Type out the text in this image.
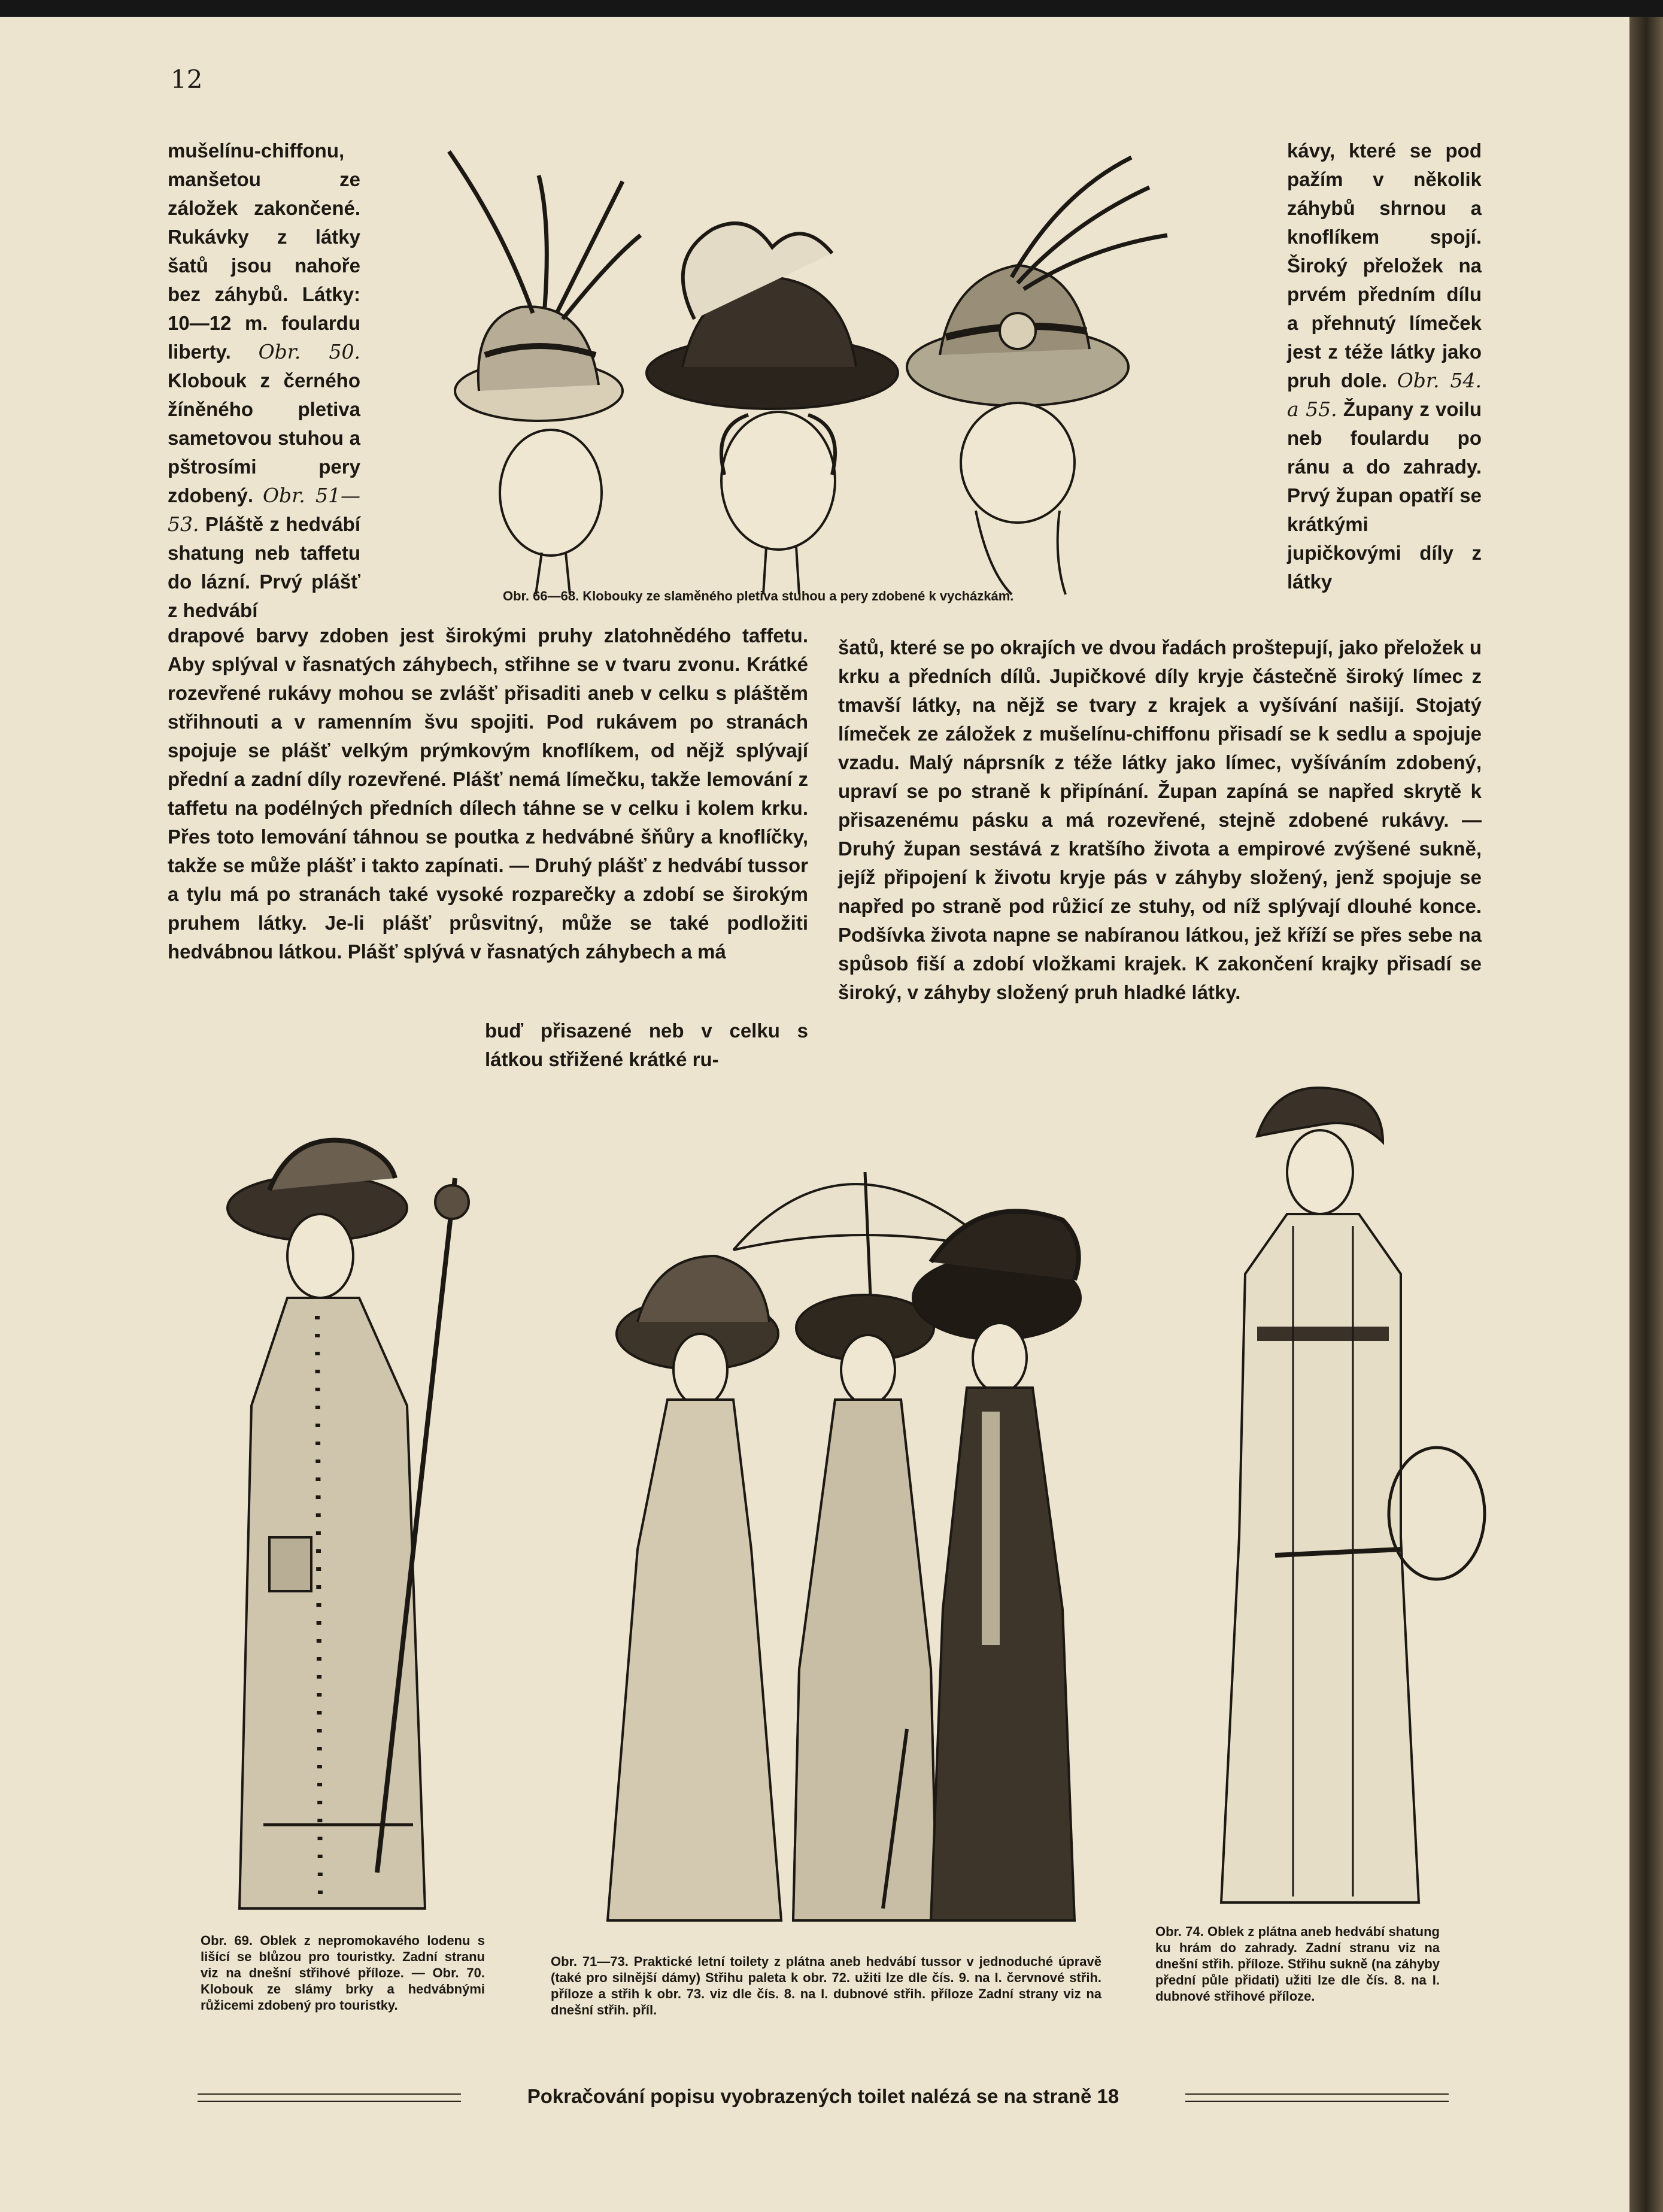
12
mušelínu-chiffonu, manšetou ze záložek zakončené. Rukávky z látky šatů jsou nahoře bez záhybů. Látky: 10—12 m. foulardu liberty. Obr. 50. Klobouk z černého žíněného pletiva sametovou stuhou a pštrosími pery zdobený. Obr. 51—53. Pláště z hedvábí shatung neb taffetu do lázní. Prvý plášť z hedvábí
Obr. 66—68. Klobouky ze slaměného pletiva stuhou a pery zdobené k vycházkám.
kávy, které se pod pažím v několik záhybů shrnou a knoflíkem spojí. Široký přeložek na prvém předním dílu a přehnutý límeček jest z téže látky jako pruh dole. Obr. 54. a 55. Župany z voilu neb foulardu po ránu a do zahrady. Prvý župan opatří se krátkými jupičkovými díly z látky
drapové barvy zdoben jest širokými pruhy zlatohnědého taffetu. Aby splýval v řasnatých záhybech, střihne se v tvaru zvonu. Krátké rozevřené rukávy mohou se zvlášť přisaditi aneb v celku s pláštěm střihnouti a v ramenním švu spojiti. Pod rukávem po stranách spojuje se plášť velkým prýmkovým knoflíkem, od nějž splývají přední a zadní díly rozevřené. Plášť nemá límečku, takže lemování z taffetu na podélných předních dílech táhne se v celku i kolem krku. Přes toto lemování táhnou se poutka z hedvábné šňůry a knoflíčky, takže se může plášť i takto zapínati. — Druhý plášť z hedvábí tussor a tylu má po stranách také vysoké rozparečky a zdobí se širokým pruhem látky. Je-li plášť průsvitný, může se také podložiti hedvábnou látkou. Plášť splývá v řasnatých záhybech a má
buď přisazené neb v celku s látkou střižené krátké ru-
šatů, které se po okrajích ve dvou řadách proštepují, jako přeložek u krku a předních dílů. Jupičkové díly kryje částečně široký límec z tmavší látky, na nějž se tvary z krajek a vyšívání našijí. Stojatý límeček ze záložek z mušelínu-chiffonu přisadí se k sedlu a spojuje vzadu. Malý náprsník z téže látky jako límec, vyšíváním zdobený, upraví se po straně k připínání. Župan zapíná se napřed skrytě k přisazenému pásku a má rozevřené, stejně zdobené rukávy. — Druhý župan sestává z kratšího života a empirové zvýšené sukně, jejíž připojení k životu kryje pás v záhyby složený, jenž spojuje se napřed po straně pod růžicí ze stuhy, od níž splývají dlouhé konce. Podšívka života napne se nabíranou látkou, jež kříží se přes sebe na spůsob fiší a zdobí vložkami krajek. K zakončení krajky přisadí se široký, v záhyby složený pruh hladké látky.
Obr. 69. Oblek z nepromokavého lodenu s lišící se blůzou pro touristky. Zadní stranu viz na dnešní střihové příloze. — Obr. 70. Klobouk ze slámy brky a hedvábnými růžicemi zdobený pro touristky.
Obr. 71—73. Praktické letní toilety z plátna aneb hedvábí tussor v jednoduché úpravě (také pro silnější dámy) Střihu paleta k obr. 72. užiti lze dle čís. 9. na I. červnové střih. příloze a střih k obr. 73. viz dle čís. 8. na I. dubnové střih. příloze Zadní strany viz na dnešní střih. příl.
Obr. 74. Oblek z plátna aneb hedvábí shatung ku hrám do zahrady. Zadní stranu viz na dnešní střih. příloze. Střihu sukně (na záhyby přední půle přidati) užiti lze dle čís. 8. na I. dubnové střihové příloze.
Pokračování popisu vyobrazených toilet nalézá se na straně 18
